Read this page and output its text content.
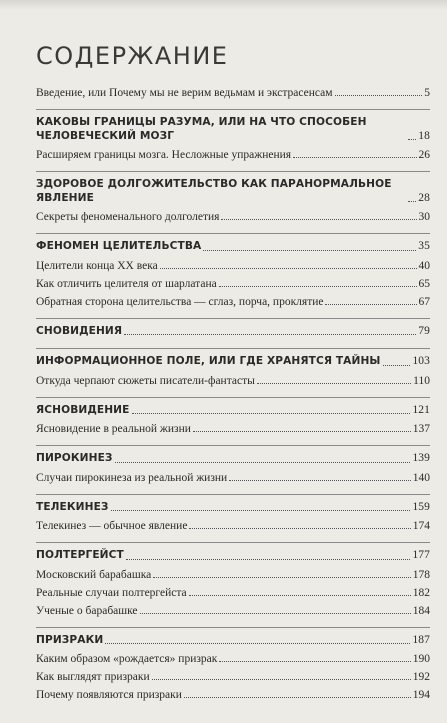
СОДЕРЖАНИЕ
Введение, или Почему мы не верим ведьмам и экстрасенсам	5
КАКОВЫ ГРАНИЦЫ РАЗУМА, ИЛИ НА ЧТО СПОСОБЕН ЧЕЛОВЕЧЕСКИЙ МОЗГ	18
Расширяем границы мозга. Несложные упражнения	26
ЗДОРОВОЕ ДОЛГОЖИТЕЛЬСТВО КАК ПАРАНОРМАЛЬНОЕ ЯВЛЕНИЕ	28
Секреты феноменального долголетия	30
ФЕНОМЕН ЦЕЛИТЕЛЬСТВА	35
Целители конца XX века	40
Как отличить целителя от шарлатана	65
Обратная сторона целительства — сглаз, порча, проклятие	67
СНОВИДЕНИЯ	79
ИНФОРМАЦИОННОЕ ПОЛЕ, ИЛИ ГДЕ ХРАНЯТСЯ ТАЙНЫ	103
Откуда черпают сюжеты писатели-фантасты	110
ЯСНОВИДЕНИЕ	121
Ясновидение в реальной жизни	137
ПИРОКИНЕЗ	139
Случаи пирокинеза из реальной жизни	140
ТЕЛЕКИНЕЗ	159
Телекинез — обычное явление	174
ПОЛТЕРГЕЙСТ	177
Московский барабашка	178
Реальные случаи полтергейста	182
Ученые о барабашке	184
ПРИЗРАКИ	187
Каким образом «рождается» призрак	190
Как выглядят призраки	192
Почему появляются призраки	194
